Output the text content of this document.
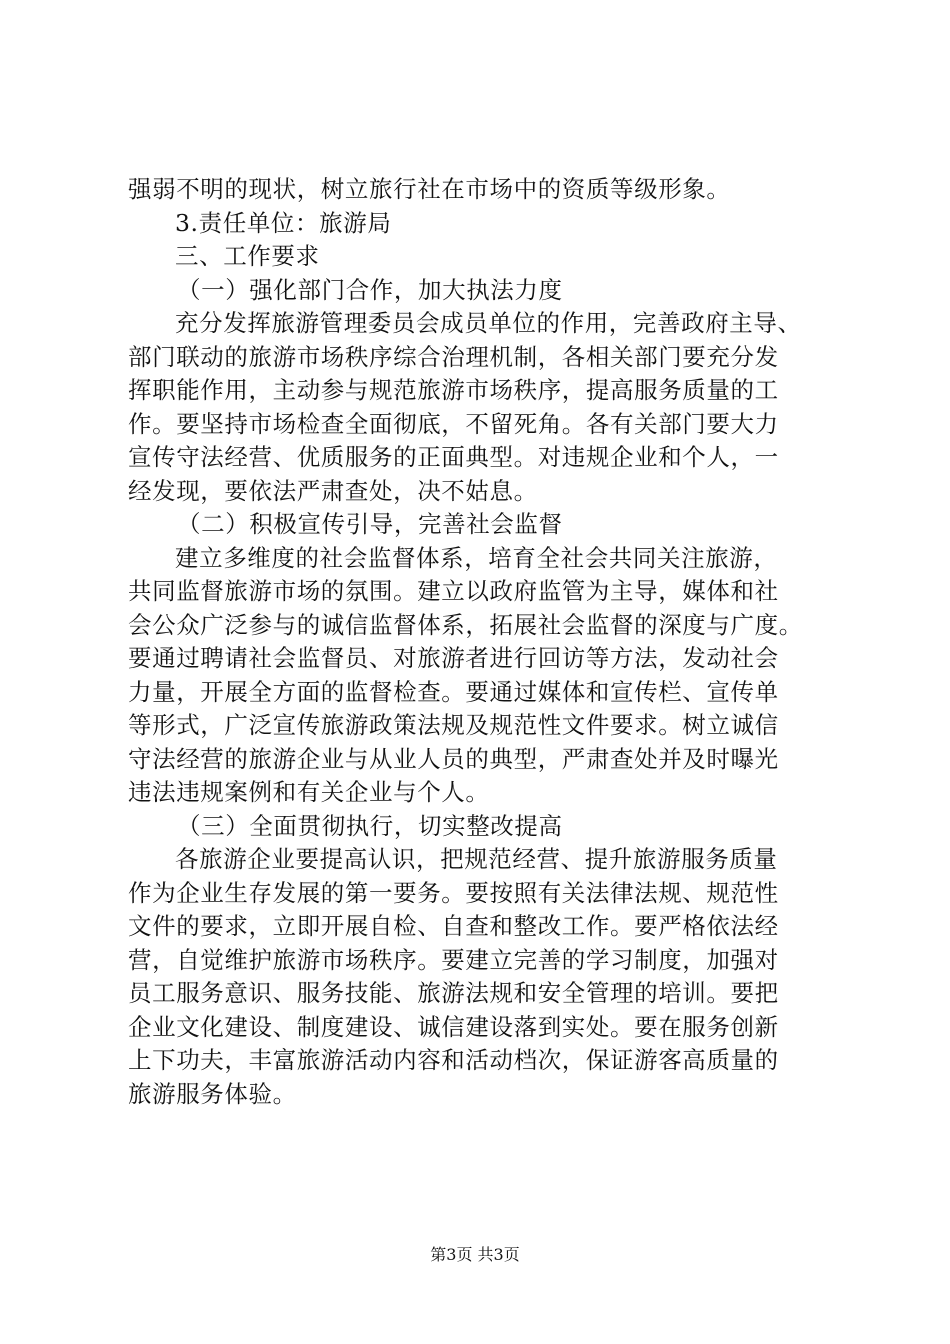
强弱不明的现状，树立旅行社在市场中的资质等级形象。
3.责任单位：旅游局
三、工作要求
（一）强化部门合作，加大执法力度
充分发挥旅游管理委员会成员单位的作用，完善政府主导、
部门联动的旅游市场秩序综合治理机制，各相关部门要充分发
挥职能作用，主动参与规范旅游市场秩序，提高服务质量的工
作。要坚持市场检查全面彻底，不留死角。各有关部门要大力
宣传守法经营、优质服务的正面典型。对违规企业和个人，一
经发现，要依法严肃查处，决不姑息。
（二）积极宣传引导，完善社会监督
建立多维度的社会监督体系，培育全社会共同关注旅游，
共同监督旅游市场的氛围。建立以政府监管为主导，媒体和社
会公众广泛参与的诚信监督体系，拓展社会监督的深度与广度。
要通过聘请社会监督员、对旅游者进行回访等方法，发动社会
力量，开展全方面的监督检查。要通过媒体和宣传栏、宣传单
等形式，广泛宣传旅游政策法规及规范性文件要求。树立诚信
守法经营的旅游企业与从业人员的典型，严肃查处并及时曝光
违法违规案例和有关企业与个人。
（三）全面贯彻执行，切实整改提高
各旅游企业要提高认识，把规范经营、提升旅游服务质量
作为企业生存发展的第一要务。要按照有关法律法规、规范性
文件的要求，立即开展自检、自查和整改工作。要严格依法经
营，自觉维护旅游市场秩序。要建立完善的学习制度，加强对
员工服务意识、服务技能、旅游法规和安全管理的培训。要把
企业文化建设、制度建设、诚信建设落到实处。要在服务创新
上下功夫，丰富旅游活动内容和活动档次，保证游客高质量的
旅游服务体验。
第3页 共3页
